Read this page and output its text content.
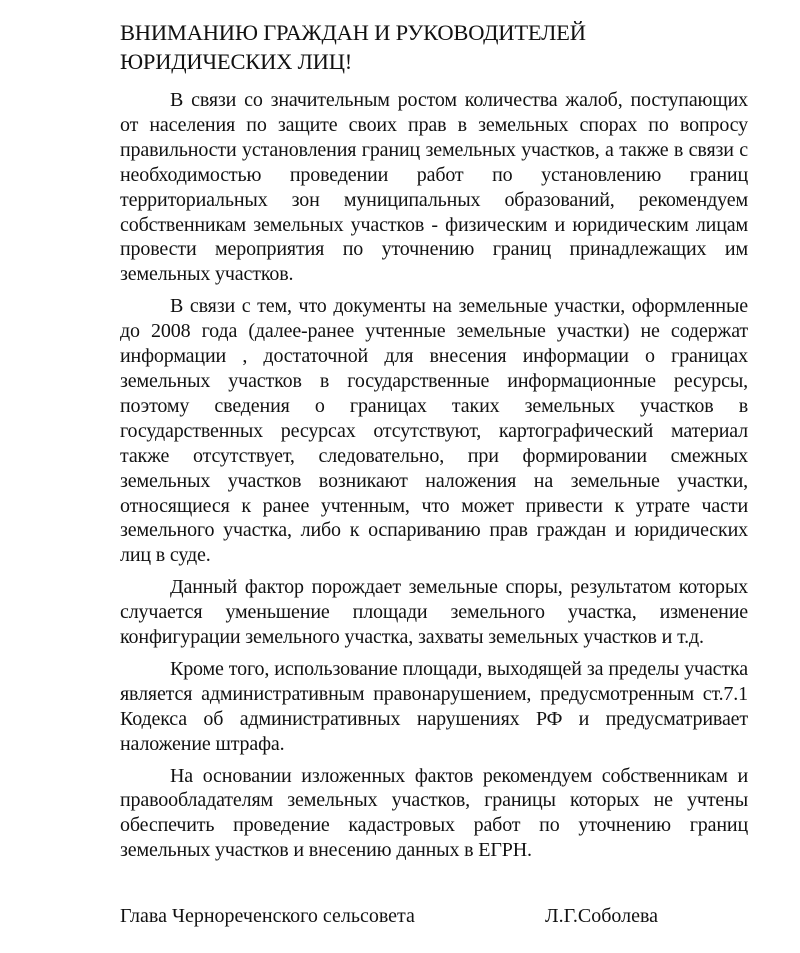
ВНИМАНИЮ ГРАЖДАН И РУКОВОДИТЕЛЕЙ ЮРИДИЧЕСКИХ ЛИЦ!

В связи со значительным ростом количества жалоб, поступающих от населения по защите своих прав в земельных спорах по вопросу правильности установления границ земельных участков, а также в связи с необходимостью проведении работ по установлению границ территориальных зон муниципальных образований, рекомендуем собственникам земельных участков - физическим и юридическим лицам провести мероприятия по уточнению границ принадлежащих им земельных участков.

В связи с тем, что документы на земельные участки, оформленные до 2008 года (далее-ранее учтенные земельные участки) не содержат информации , достаточной для внесения информации о границах земельных участков в государственные информационные ресурсы, поэтому сведения о границах таких земельных участков в государственных ресурсах отсутствуют, картографический материал также отсутствует, следовательно, при формировании смежных земельных участков возникают наложения на земельные участки, относящиеся к ранее учтенным, что может привести к утрате части земельного участка, либо к оспариванию прав граждан и юридических лиц в суде.

Данный фактор порождает земельные споры, результатом которых случается уменьшение площади земельного участка, изменение конфигурации земельного участка, захваты земельных участков и т.д.

Кроме того, использование площади, выходящей за пределы участка является административным правонарушением, предусмотренным ст.7.1 Кодекса об административных нарушениях РФ и предусматривает наложение штрафа.

На основании изложенных фактов рекомендуем собственникам и правообладателям земельных участков, границы которых не учтены обеспечить проведение кадастровых работ по уточнению границ земельных участков и внесению данных в ЕГРН.

Глава Чернореченского сельсовета	Л.Г.Соболева
